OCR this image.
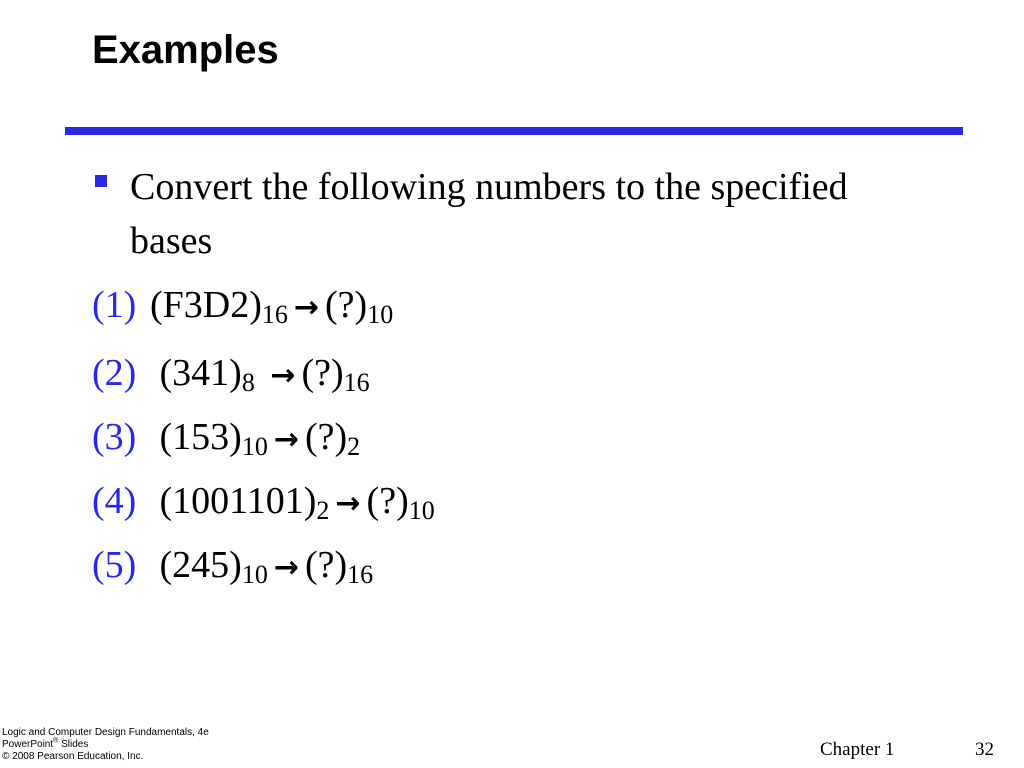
Examples
Convert the following numbers to the specified bases
(1) $(F3D2)_{16}$ → $(?)_{10}$
(2) $(341)_8$ → $(?)_{16}$
(3) $(153)_{10}$ → $(?)_2$
(4) $(1001101)_2$ → $(?)_{10}$
(5) $(245)_{10}$ → $(?)_{16}$
Logic and Computer Design Fundamentals, 4e
PowerPoint® Slides
© 2008 Pearson Education, Inc.	Chapter 1	32
